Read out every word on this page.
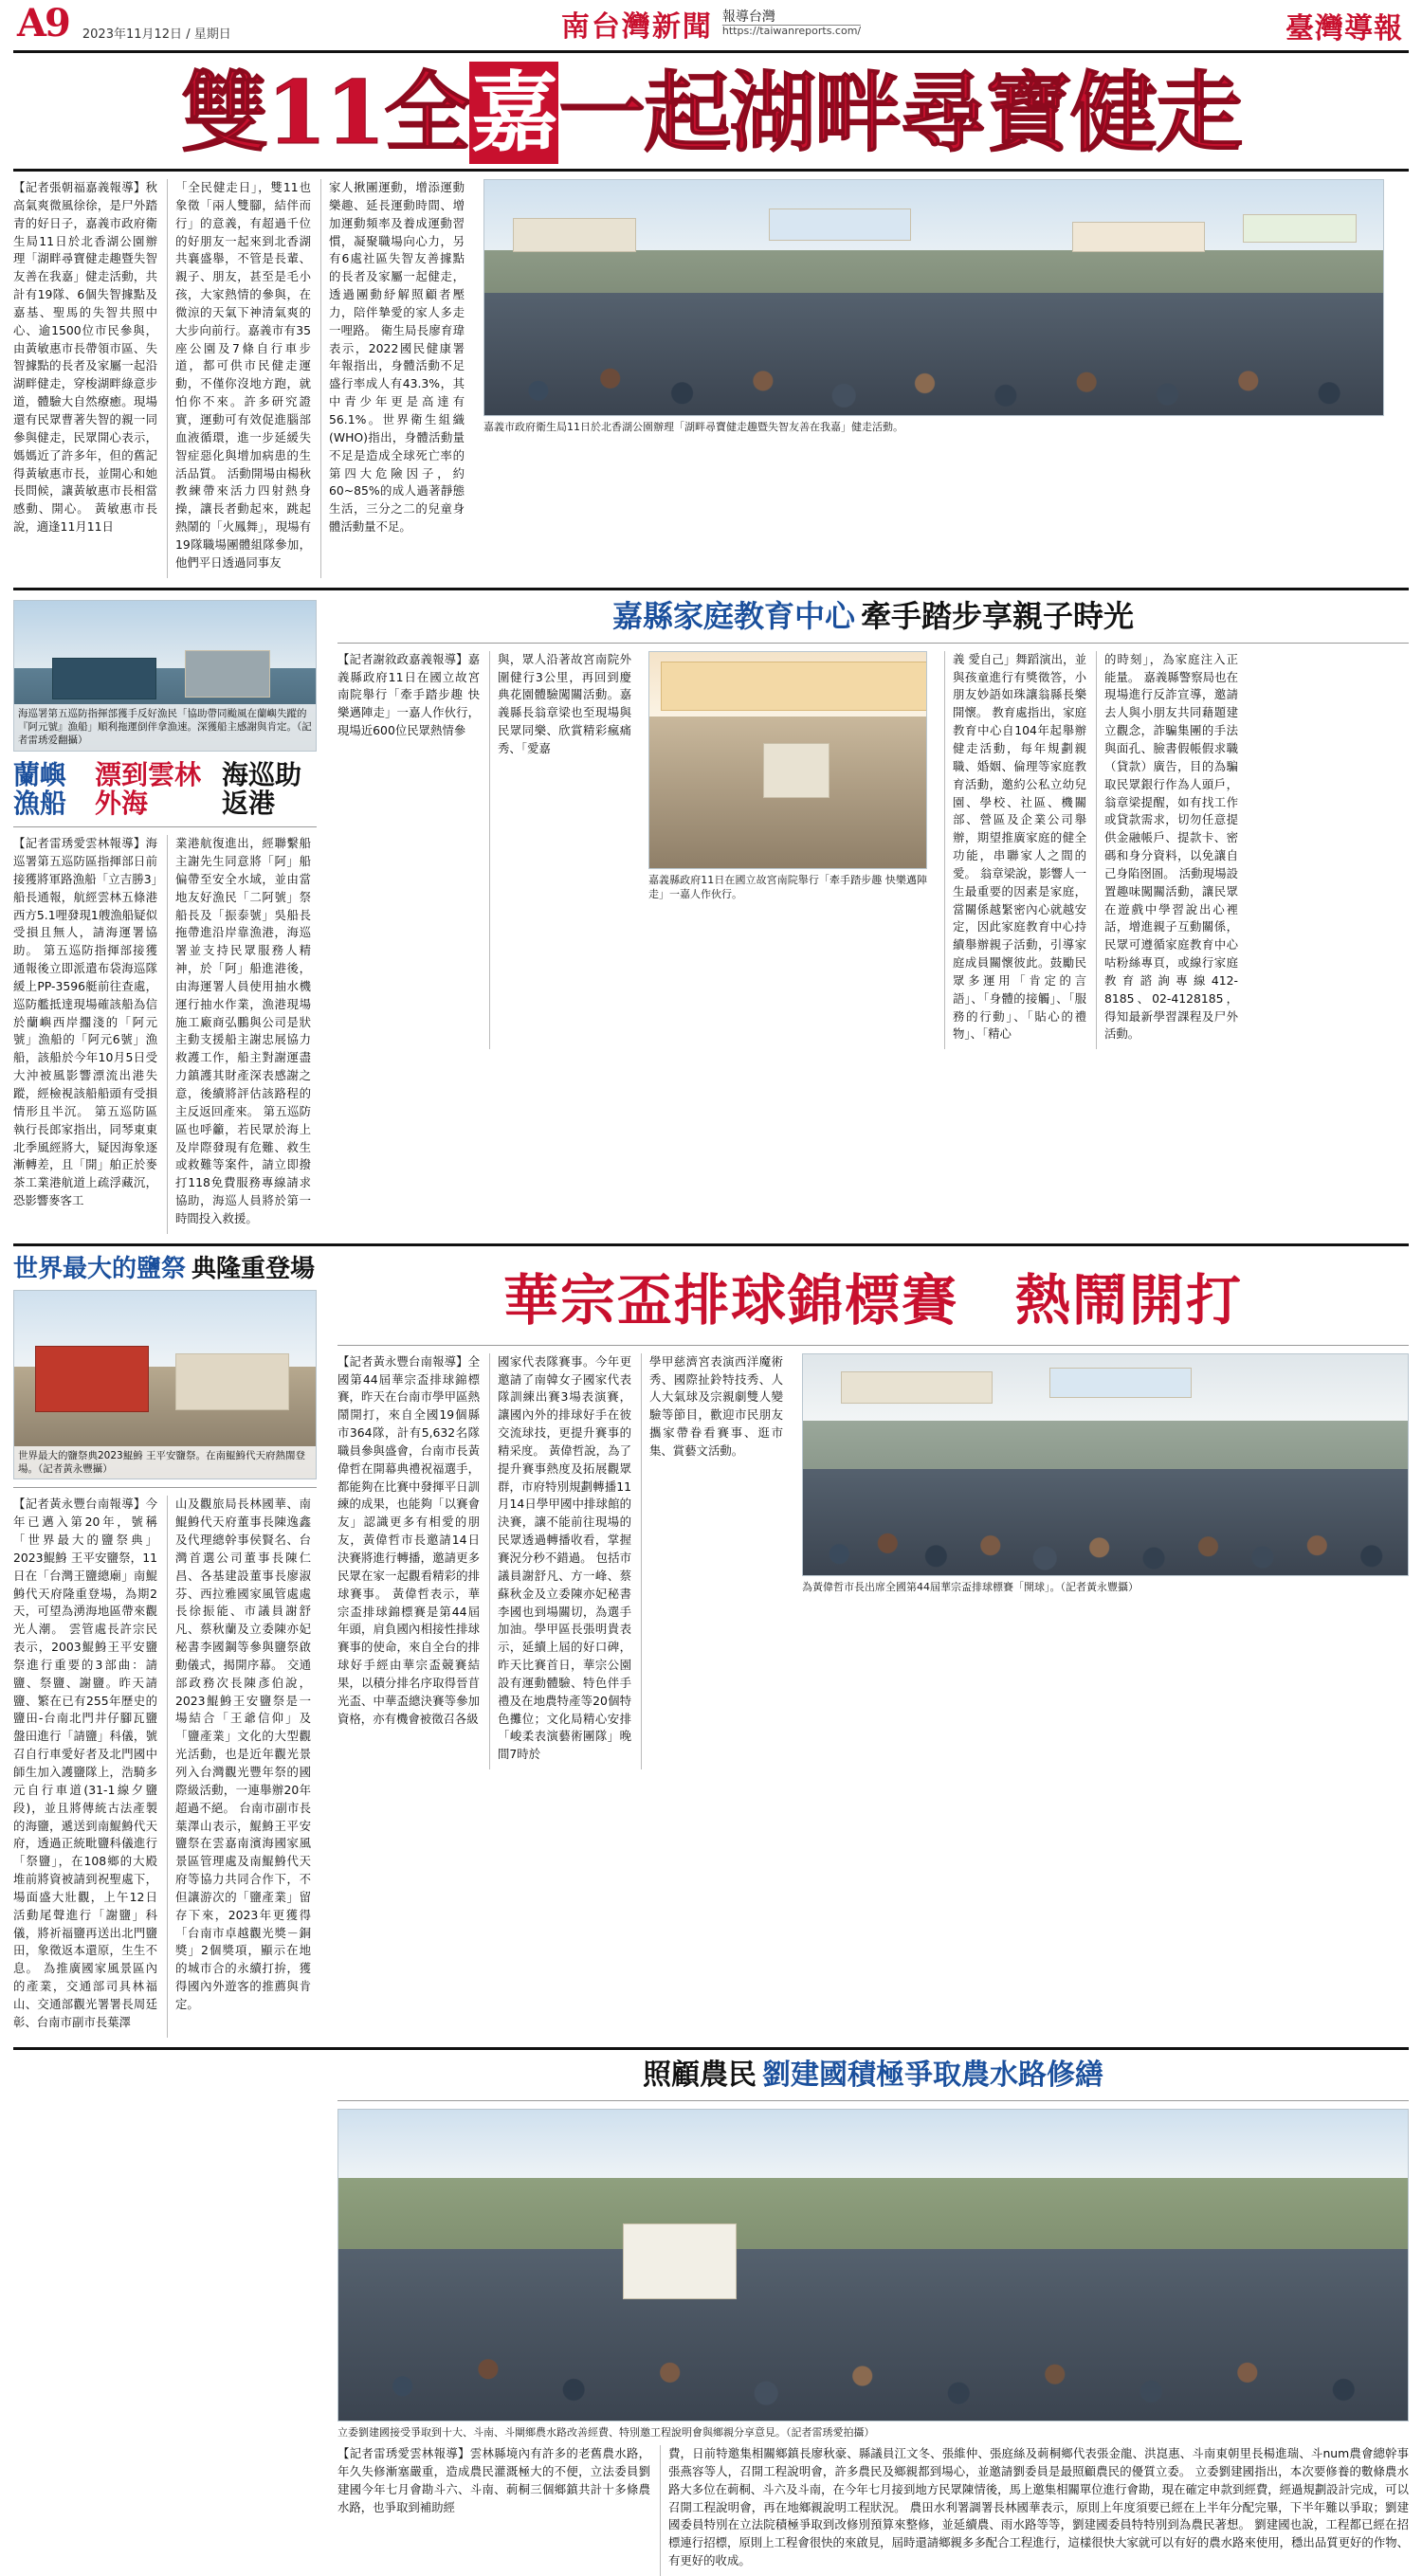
A 9 2023年11月12日 / 星期日	南台灣新聞 報導台灣
https://taiwanreports.com/	臺灣導報
雙11全嘉一起湖畔尋寶健走

【記者張朝福嘉義報導】秋高氣爽微風徐徐，是尸外踏青的好日子，嘉義市政府衛生局11日於北香湖公園辦理「湖畔尋寶健走趣暨失智友善在我嘉」健走活動，共計有19隊、6個失智據點及嘉基、聖馬的失智共照中心、逾1500位市民參與，由黃敏惠市長帶領市區、失智據點的長者及家屬一起沿湖畔健走，穿梭湖畔綠意步道，體驗大自然療癒。現場還有民眾曹著失智的親一同參與健走，民眾開心表示，媽媽近了許多年，但的舊記得黃敏惠市長，並開心和她長問候，讓黃敏惠市長相當感動、開心。 黃敏惠市長說，適逢11月11日

「全民健走日」，雙11也象徵「兩人雙腳，結伴而行」的意義，有超過千位的好朋友一起來到北香湖共襄盛舉，不管是長輩、親子、朋友，甚至是毛小孩，大家熱情的參與，在微涼的天氣下神清氣爽的大步向前行。嘉義市有35座公園及7條自行車步道，都可供市民健走運動，不僅你沒地方跑，就怕你不來。許多研究證實，運動可有效促進腦部血液循環，進一步延緩失智症惡化與增加病患的生活品質。 活動開場由楊秋教練帶來活力四射熱身操，讓長者動起來，跳起熱鬧的「火鳳舞」，現場有19隊職場團體組隊參加，他們平日透過同事友

家人揪團運動，增添運動樂趣、延長運動時間、增加運動頻率及養成運動習慣，凝聚職場向心力，另有6處社區失智友善據點的長者及家屬一起健走，透過團動紓解照顧者壓力，陪伴摯愛的家人多走一哩路。 衛生局長廖育瑋表示，2022國民健康署年報指出，身體活動不足盛行率成人有43.3%，其中青少年更是高達有56.1%。世界衛生組織(WHO)指出，身體活動量不足是造成全球死亡率的第四大危險因子，約60~85%的成人過著靜態生活，三分之二的兒童身體活動量不足。

嘉義市政府衛生局11日於北香湖公園辦理「湖畔尋寶健走趣暨失智友善在我嘉」健走活動。
海巡署第五巡防指揮部獲手反好漁民「協助帶同颱風在蘭嶼失蹤的『阿元號』漁船」順利拖運倒伴拿漁速。深獲船主感謝與肯定。（記者雷琇爱翻攝）
蘭嶼漁船
漂到雲林外海
海巡助返港

【記者雷琇愛雲林報導】海巡署第五巡防區指揮部日前接獲將軍路漁船「立吉勝3」船長通報，航經雲林五條港西方5.1哩發現1艘漁船疑似受損且無人，請海運署協助。 第五巡防指揮部接獲通報後立即派遣布袋海巡隊緩上PP-3596艇前往查處，巡防艦抵達現場確該船為信於蘭嶼西岸擱淺的「阿元號」漁船的「阿元6號」漁船，該船於今年10月5日受大沖被風影響漂流出港失蹤，經檢視該船船頭有受損情形且半沉。 第五巡防區執行長郎家指出，同琴東東北季風經將大，疑因海象逐漸轉差，且「開」舶正於麥茶工業港航道上疏浮藏沉，恐影響麥客工

業港航復進出，經聯繫船主謝先生同意將「阿」船偏帶至安全水域，並由當地友好漁民「二阿號」祭船長及「振泰號」吳船長拖帶進沿岸靠漁港，海巡署並支持民眾服務人精神，於「阿」船進港後，由海運署人員使用抽水機運行抽水作業，漁港現場施工廠商弘鵬與公司是狀主動支援船主謝忠展協力救護工作，船主對謝運盡力鎮護其財產深表感謝之意，後續將評估該路程的主反返回產來。 第五巡防區也呼籲，若民眾於海上及岸際發現有危難、救生或救難等案件，請立即撥打118免費服務專線請求協助，海巡人員將於第一時間投入救援。

嘉縣家庭教育中心 牽手踏步享親子時光

【記者謝敘政嘉義報導】嘉義縣政府11日在國立故宮南院舉行「牽手踏步趣 快樂邁陣走」一嘉人作伙行，現場近600位民眾熱情參

與，眾人沿著故宮南院外圍健行3公里，再回到慶典花園體驗闖關活動。嘉義縣長翁章梁也至現場與民眾同樂、欣賞精彩瘋痛秀、「愛嘉

嘉義縣政府11日在國立故宮南院舉行「牽手踏步趣 快樂邁陣走」一嘉人作伙行。

義 愛自己」舞蹈演出，並與孩童進行有獎徵答，小朋友妙語如珠讓翁縣長樂開懷。 教育處指出，家庭教育中心自104年起舉辦健走活動，每年規劃親職、婚姻、倫理等家庭教育活動，邀約公私立幼兒園、學校、社區、機關部、營區及企業公司舉辦，期望推廣家庭的健全功能，串聯家人之間的愛。 翁章梁說，影響人一生最重要的因素是家庭，當關係越緊密內心就越安定，因此家庭教育中心持續舉辦親子活動，引導家庭成員關懷彼此。鼓勵民眾多運用「肯定的言語」、「身體的接觸」、「服務的行動」、「貼心的禮物」、「精心

的時刻」，為家庭注入正能量。 嘉義縣警察局也在現場進行反詐宣導，邀請去人與小朋友共同藉題建立觀念，詐騙集團的手法與面孔、臉書假帳假求職（貸款）廣告，目的為騙取民眾銀行作為人頭戶，翁章梁提醒，如有找工作或貸款需求，切勿任意提供金融帳戶、提款卡、密碼和身分資料，以免讓自己身陷囹圄。 活動現場設置趣味闖關活動，讓民眾在遊戲中學習說出心裡話，增進親子互動關係， 民眾可遵循家庭教育中心咕粉絲專頁，或線行家庭教育諮詢專線412-8185、02-4128185，得知最新學習課程及尸外活動。

世界最大的鹽祭 典隆重登場
世界最大的鹽祭典2023鯤鯓 王平安鹽祭。在南鯤鯓代天府熱閙登場。（記者黃永豐攝）

【記者黃永豐台南報導】今年已邁入第20年，號稱「世界最大的鹽祭典」2023鯤鯓 王平安鹽祭，11日在「台灣王鹽總廟」南鯤鯓代天府隆重登場，為期2天，可望為湧海地區帶來觀光人潮。 雲管處長許宗民表示，2003鯤鯓王平安鹽祭進行重要的3部曲：請鹽、祭鹽、謝鹽。昨天請鹽、繁在已有255年歷史的鹽田-台南北門井仔腳瓦鹽盤田進行「請鹽」科儀，號召自行車愛好者及北門國中師生加入護鹽隊上，浩騎多元自行車道(31-1線夕鹽段)，並且將傳統古法產製的海鹽，遞送到南鯤鯓代天府，透過正統毗鹽科儀進行「祭鹽」，在108鄉的大殿堆前將資被請到祝聖處下，場面盛大壯觀，上午12日活動尾聲進行「謝鹽」科儀，將祈福鹽再送出北門鹽田，象徵返本還原，生生不息。 為推廣國家風景區內的產業，交通部司具林福山、交通部觀光署署長周廷彰、台南市副市長葉澤

山及觀旅局長林國華、南鯤鯓代天府董事長陳逸鑫及代理總幹事侯賢名、台灣首選公司董事長陳仁昌、各基建設董事長廖淑芬、西拉雅國家風管處處長徐振能、市議員謝舒凡、蔡秋蘭及立委陳亦妃秘書李國鋼等參與鹽祭啟動儀式，揭開序幕。 交通部政務次長陳彥伯說，2023鯤鯓王安鹽祭是一場結合「王爺信仰」及「鹽產業」文化的大型觀光活動，也是近年觀光景列入台灣觀光豐年祭的國際級活動，一連舉辦20年超過不絕。 台南市副市長葉澤山表示，鯤鯓王平安鹽祭在雲嘉南濱海國家風景區管理處及南鯤鯓代天府等協力共同合作下，不但讓游次的「鹽產業」留存下來，2023年更獲得「台南市卓越觀光獎－銅獎」2個獎項，顯示在地的城巿合的永續打拚，獲得國內外遊客的推薦與肯定。

華宗盃排球錦標賽　熱鬧開打

【記者黃永豐台南報導】全國第44屆華宗盃排球錦標賽，昨天在台南市學甲區熱鬧開打，來自全國19個縣市364隊，計有5,632名隊職員參與盛會，台南市長黃偉哲在開幕典禮祝福選手，都能夠在比賽中發揮平日訓練的成果，也能夠「以賽會友」認識更多有相愛的朋友，黃偉哲市長邀請14日決賽將進行轉播，邀請更多民眾在家一起觀看精彩的排球賽事。 黃偉哲表示，華宗盃排球錦標賽是第44屆年頭，肩負國內相接性排球賽事的使命，來自全台的排球好手經由華宗盃競賽結果，以積分排名序取得晉苜光盃、中華盃總決賽等參加資格，亦有機會被徵召各級

國家代表隊賽事。今年更邀請了南韓女子國家代表隊訓練出賽3場表演賽，讓國內外的排球好手在彼交流球技，更提升賽事的精采度。 黃偉哲說，為了提升賽事熱度及拓展觀眾群，市府特別規劃轉播11月14日學甲國中排球館的決賽，讓不能前往現場的民眾透過轉播收看，掌握賽況分秒不錯過。 包括市議員謝舒凡、方一峰、蔡蘇秋金及立委陳亦妃秘書李國也到場關切，為選手加油。學甲區長張明貴表示，延續上屆的好口碑，昨天比賽首日，華宗公園設有運動體驗、特色伴手禮及在地農特產等20個特色攤位；文化局精心安排「峻柔表演藝術團隊」晚間7時於

學甲慈濟宮表演西洋魔術秀、國際扯鈴特技秀、人人大氣球及宗親劇雙人變驗等節目，歡迎市民朋友攜家帶眷看賽事、逛市集、賞藝文活動。

為黃偉哲市長出席全國第44屆華宗盃排球標賽「開球」。（記者黃永豐攝）
照顧農民 劉建國積極爭取農水路修繕
立委劉建國接受爭取到十大、斗南、斗閘鄉農水路改善經費、特別邀工程說明會與鄉親分享意見。（記者雷琇愛拍攝）

【記者雷琇愛雲林報導】雲林縣境內有許多的老舊農水路，年久失修漸塞嚴重，造成農民灌溉極大的不便，立法委員劉建國今年七月會勘斗六、斗南、莿桐三個鄉鎮共計十多條農水路，也爭取到補助經

費，日前特邀集相關鄉鎮長廖秋豪、縣議員江文冬、張維仲、張庭絲及莿桐鄉代表張金龍、洪崑惠、斗南東朝里長楊進瑞、斗num農會總幹事張燕容等人，召開工程說明會，許多農民及鄉親都到場心，並邀請劉委員是最照顧農民的優質立委。 立委劉建國指出，本次要修養的數條農水路大多位在莿桐、斗六及斗南，在今年七月接到地方民眾陳情後，馬上邀集相關單位進行會勘，現在確定申款到經費，經過規劃設計完成，可以召開工程說明會，再在地鄉親說明工程狀況。 農田水利署調署長林國華表示，原則上年度須要已經在上半年分配完畢，下半年難以爭取；劉建國委員特別在立法院積極爭取到改修別預算來整修，並延續農、雨水路等等，劉建國委員特特別到為農民著想。 劉建國也說，工程都已經在招標連行招標，原則上工程會很快的來啟見，屆時還請鄉親多多配合工程進行，這樣很快大家就可以有好的農水路來使用，穩出品質更好的作物、有更好的收成。
